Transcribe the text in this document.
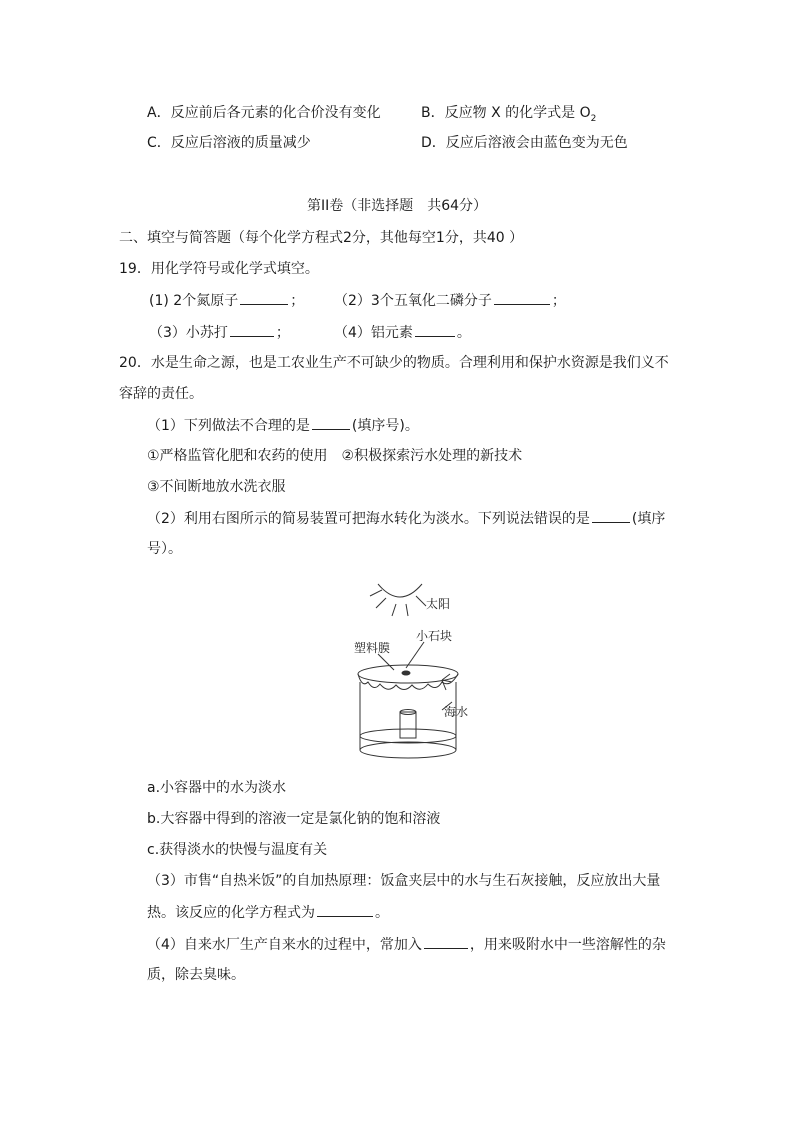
A．反应前后各元素的化合价没有变化	B．反应物 X 的化学式是 $O_2$
C．反应后溶液的质量减少	D．反应后溶液会由蓝色变为无色
第II卷（非选择题　共64分）
二、填空与简答题（每个化学方程式2分，其他每空1分，共40 ）
19．用化学符号或化学式填空。
(1) 2个氮原子	； （2）3个五氧化二磷分子	；
（3）小苏打	；	（4）铝元素	。
20．水是生命之源，也是工农业生产不可缺少的物质。合理利用和保护水资源是我们义不
容辞的责任。
（1）下列做法不合理的是	(填序号)。
①严格监管化肥和农药的使用　②积极探索污水处理的新技术
③不间断地放水洗衣服
（2）利用右图所示的简易装置可把海水转化为淡水。下列说法错误的是	(填序
号）。
太阳
塑料膜
小石块
海水
a.小容器中的水为淡水
b.大容器中得到的溶液一定是氯化钠的饱和溶液
c.获得淡水的快慢与温度有关
（3）市售“自热米饭”的自加热原理：饭盒夹层中的水与生石灰接触，反应放出大量
热。该反应的化学方程式为	。
（4）自来水厂生产自来水的过程中，常加入	，用来吸附水中一些溶解性的杂
质，除去臭味。
